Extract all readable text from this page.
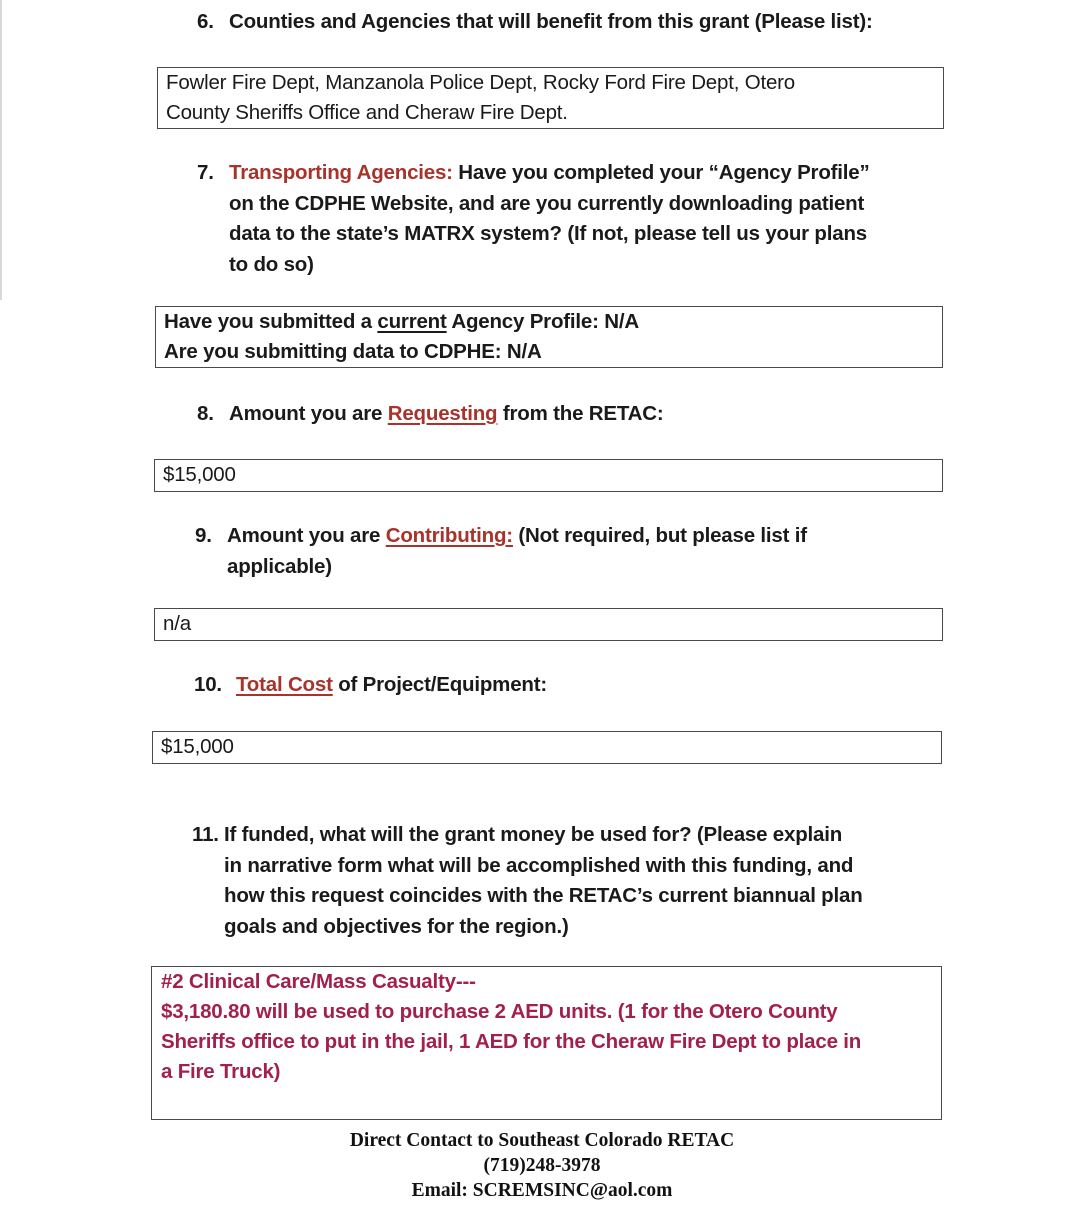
6. Counties and Agencies that will benefit from this grant (Please list):
Fowler Fire Dept, Manzanola Police Dept, Rocky Ford Fire Dept, Otero
County Sheriffs Office and Cheraw Fire Dept.
7. Transporting Agencies: Have you completed your “Agency Profile”
on the CDPHE Website, and are you currently downloading patient
data to the state’s MATRX system? (If not, please tell us your plans
to do so)
Have you submitted a current Agency Profile: N/A
Are you submitting data to CDPHE: N/A
8. Amount you are Requesting from the RETAC:
$15,000
9. Amount you are Contributing: (Not required, but please list if
applicable)
n/a
10. Total Cost of Project/Equipment:
$15,000
11. If funded, what will the grant money be used for? (Please explain
in narrative form what will be accomplished with this funding, and
how this request coincides with the RETAC’s current biannual plan
goals and objectives for the region.)
#2 Clinical Care/Mass Casualty---
$3,180.80 will be used to purchase 2 AED units. (1 for the Otero County
Sheriffs office to put in the jail, 1 AED for the Cheraw Fire Dept to place in
a Fire Truck)
Direct Contact to Southeast Colorado RETAC
(719)248-3978
Email: SCREMSINC@aol.com
